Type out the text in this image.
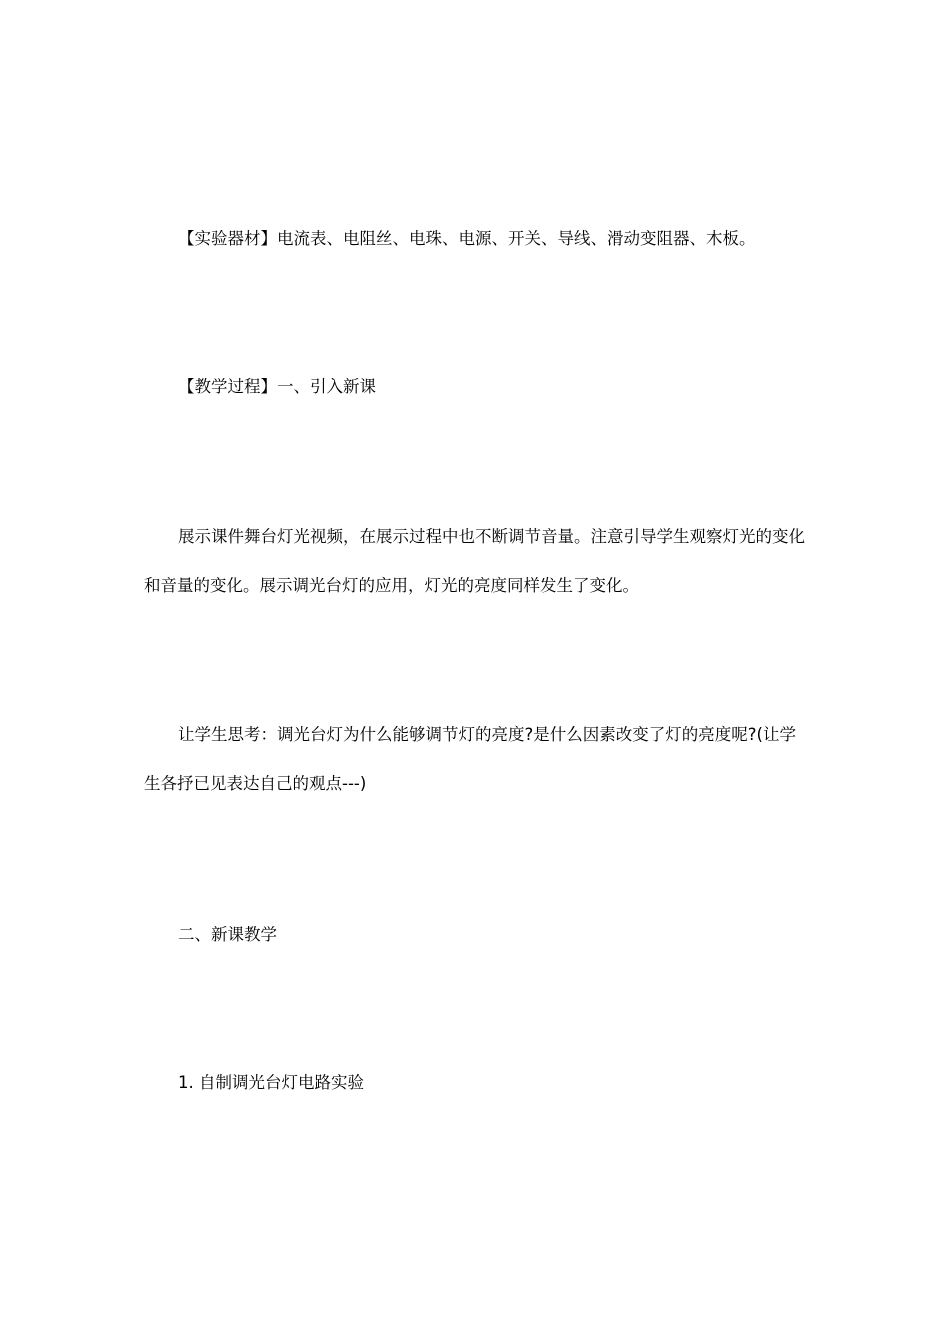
【实验器材】电流表、电阻丝、电珠、电源、开关、导线、滑动变阻器、木板。

【教学过程】一、引入新课

展示课件舞台灯光视频，在展示过程中也不断调节音量。注意引导学生观察灯光的变化和音量的变化。展示调光台灯的应用，灯光的亮度同样发生了变化。

让学生思考：调光台灯为什么能够调节灯的亮度?是什么因素改变了灯的亮度呢?(让学生各抒已见表达自己的观点---)

二、新课教学

1. 自制调光台灯电路实验
